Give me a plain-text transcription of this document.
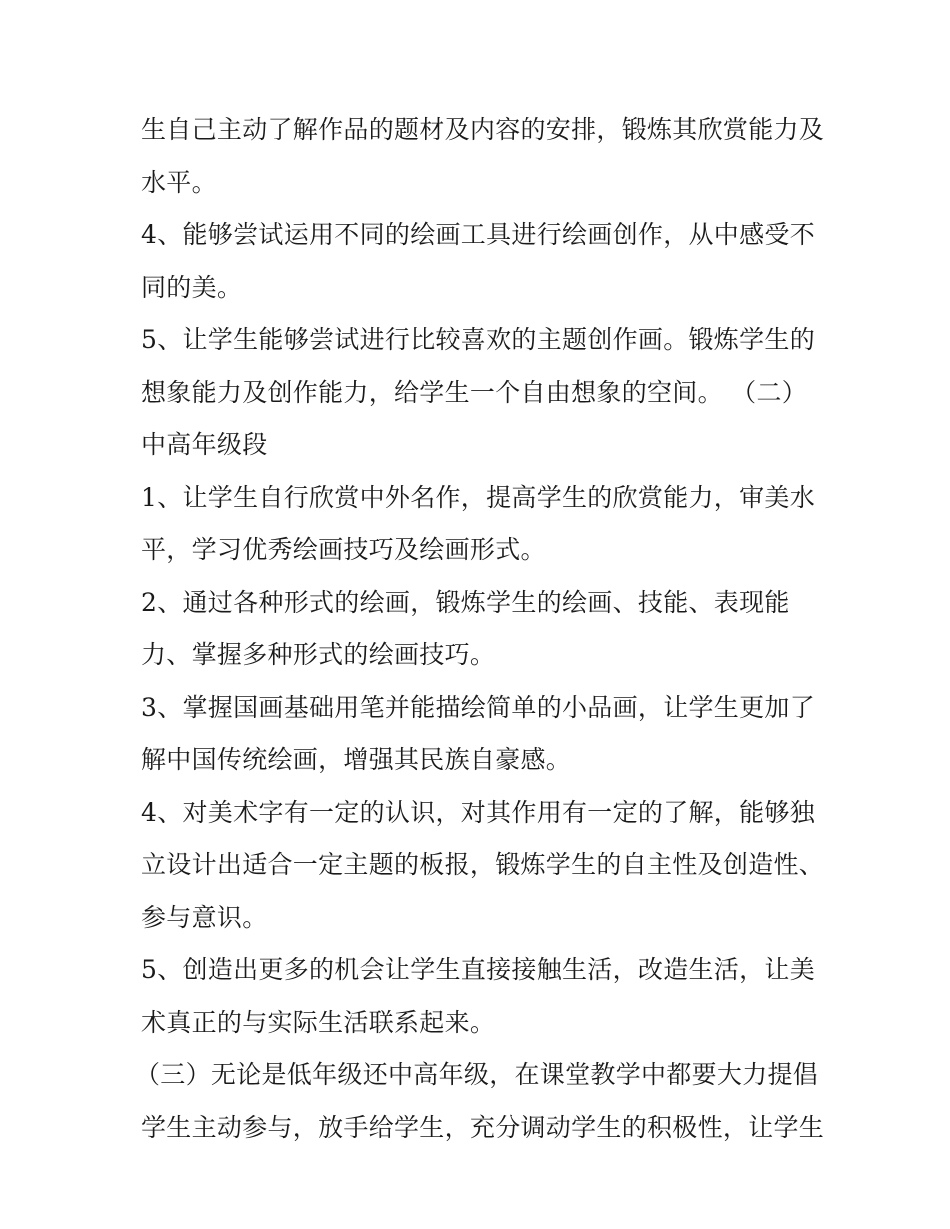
生自己主动了解作品的题材及内容的安排，锻炼其欣赏能力及
水平。
4、能够尝试运用不同的绘画工具进行绘画创作，从中感受不
同的美。
5、让学生能够尝试进行比较喜欢的主题创作画。锻炼学生的
想象能力及创作能力，给学生一个自由想象的空间。 （二）
中高年级段
1、让学生自行欣赏中外名作，提高学生的欣赏能力，审美水
平，学习优秀绘画技巧及绘画形式。
2、通过各种形式的绘画，锻炼学生的绘画、技能、表现能
力、掌握多种形式的绘画技巧。
3、掌握国画基础用笔并能描绘简单的小品画，让学生更加了
解中国传统绘画，增强其民族自豪感。
4、对美术字有一定的认识，对其作用有一定的了解，能够独
立设计出适合一定主题的板报，锻炼学生的自主性及创造性、
参与意识。
5、创造出更多的机会让学生直接接触生活，改造生活，让美
术真正的与实际生活联系起来。
（三）无论是低年级还中高年级，在课堂教学中都要大力提倡
学生主动参与，放手给学生，充分调动学生的积极性，让学生
